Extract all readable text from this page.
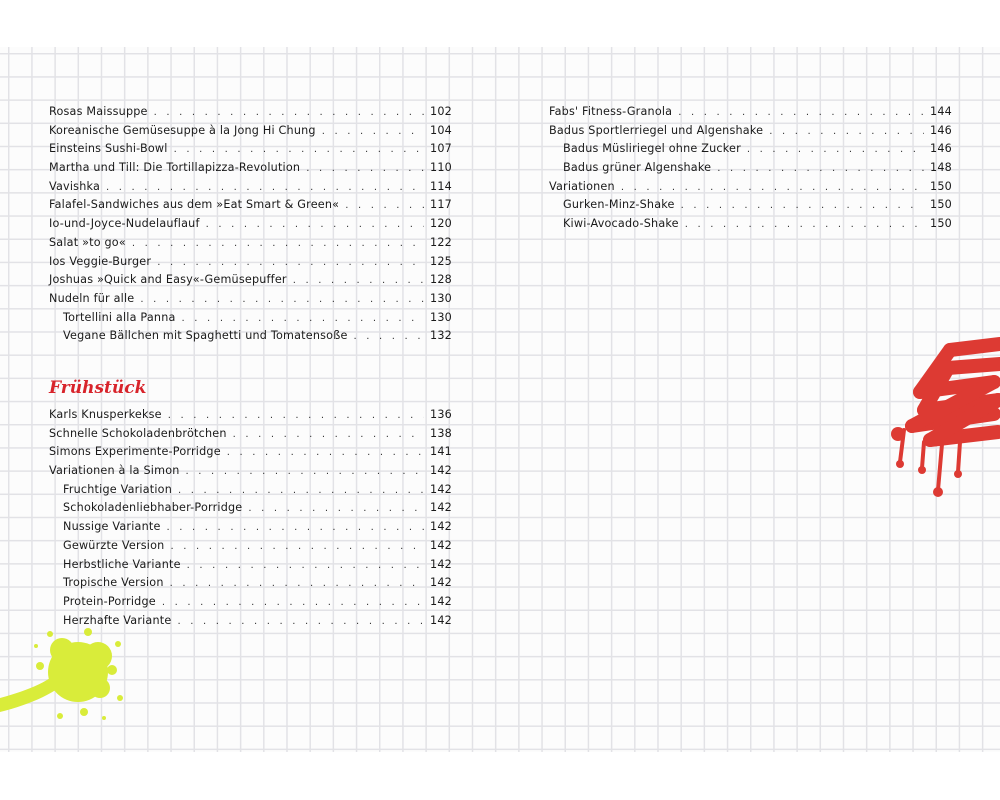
Rosas Maissuppe . . .	102
Koreanische Gemüsesuppe à la Jong Hi Chung . . .	104
Einsteins Sushi-Bowl . . .	107
Martha und Till: Die Tortillapizza-Revolution . . .	110
Vavishka . . .	114
Falafel-Sandwiches aus dem »Eat Smart & Green« . . .	117
Io-und-Joyce-Nudelauflauf . . .	120
Salat »to go« . . .	122
Ios Veggie-Burger . . .	125
Joshuas »Quick and Easy«-Gemüsepuffer . . .	128
Nudeln für alle . . .	130
Tortellini alla Panna . . .	130
Vegane Bällchen mit Spaghetti und Tomatensoße . . .	132
Frühstück
Karls Knusperkekse . . .	136
Schnelle Schokoladenbrötchen . . .	138
Simons Experimente-Porridge . . .	141
Variationen à la Simon . . .	142
Fruchtige Variation . . .	142
Schokoladenliebhaber-Porridge . . .	142
Nussige Variante . . .	142
Gewürzte Version . . .	142
Herbstliche Variante . . .	142
Tropische Version . . .	142
Protein-Porridge . . .	142
Herzhafte Variante . . .	142
Fabs' Fitness-Granola . . .	144
Badus Sportlerriegel und Algenshake . . .	146
Badus Müsliriegel ohne Zucker . . .	146
Badus grüner Algenshake . . .	148
Variationen . . .	150
Gurken-Minz-Shake . . .	150
Kiwi-Avocado-Shake . . .	150
